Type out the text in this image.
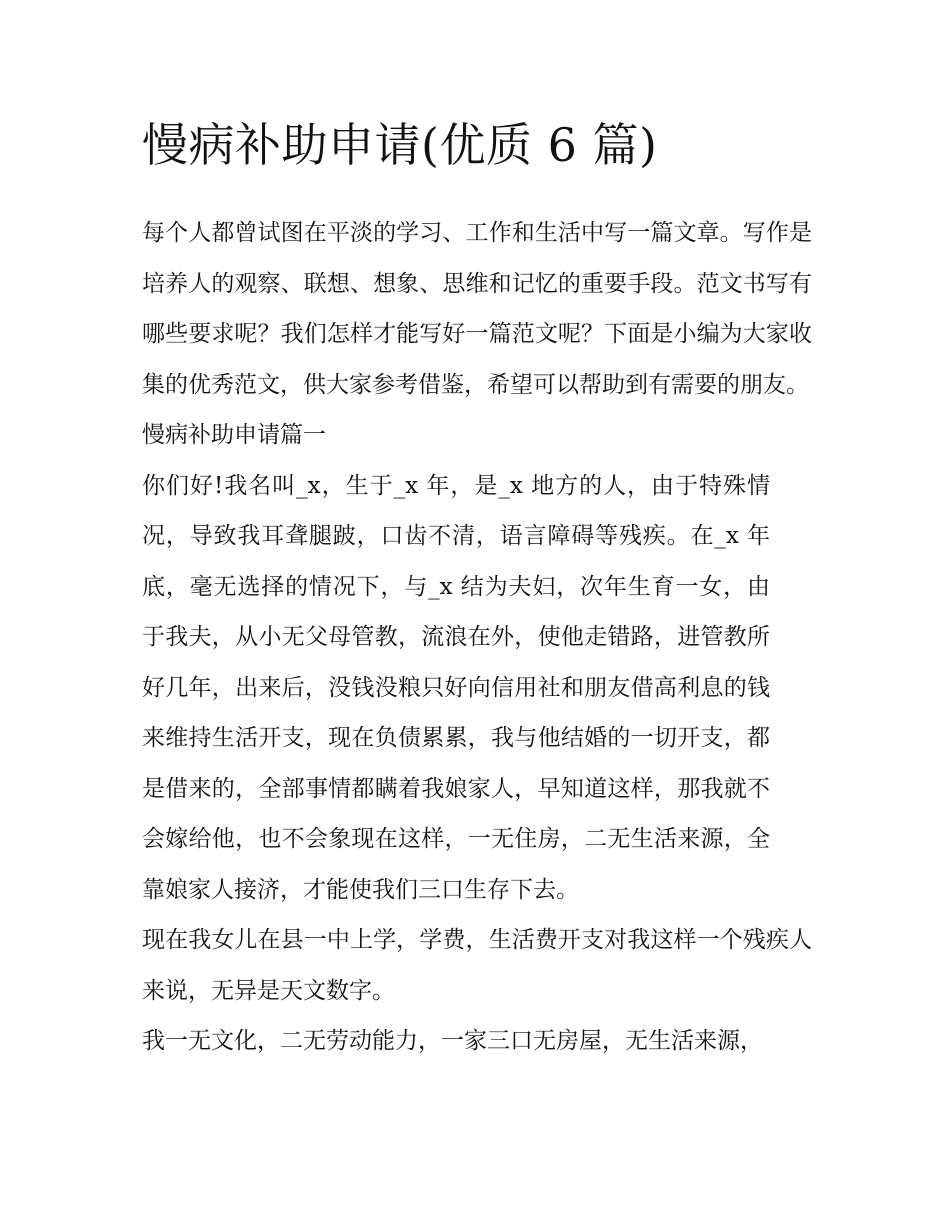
慢病补助申请(优质 6 篇)

每个人都曾试图在平淡的学习、工作和生活中写一篇文章。写作是培养人的观察、联想、想象、思维和记忆的重要手段。范文书写有哪些要求呢？我们怎样才能写好一篇范文呢？下面是小编为大家收集的优秀范文，供大家参考借鉴，希望可以帮助到有需要的朋友。

慢病补助申请篇一

你们好!我名叫_x，生于_x 年，是_x 地方的人，由于特殊情况，导致我耳聋腿跛，口齿不清，语言障碍等残疾。在_x 年底，毫无选择的情况下，与_x 结为夫妇，次年生育一女，由于我夫，从小无父母管教，流浪在外，使他走错路，进管教所好几年，出来后，没钱没粮只好向信用社和朋友借高利息的钱来维持生活开支，现在负债累累，我与他结婚的一切开支，都是借来的，全部事情都瞒着我娘家人，早知道这样，那我就不会嫁给他，也不会象现在这样，一无住房，二无生活来源，全靠娘家人接济，才能使我们三口生存下去。

现在我女儿在县一中上学，学费，生活费开支对我这样一个残疾人来说，无异是天文数字。

我一无文化，二无劳动能力，一家三口无房屋，无生活来源，
